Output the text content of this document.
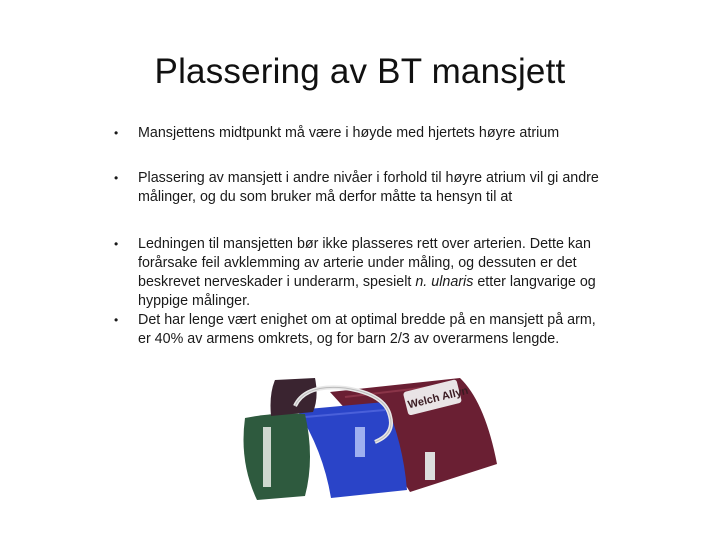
Plassering av BT mansjett
• Mansjettens midtpunkt må være i høyde med hjertets høyre atrium
• Plassering av mansjett i andre nivåer i forhold til høyre atrium vil gi andre målinger, og du som bruker må derfor måtte ta hensyn til at
• Ledningen til mansjetten bør ikke plasseres rett over arterien. Dette kan forårsake feil avklemming av arterie under måling, og dessuten er det beskrevet nerveskader i underarm, spesielt n. ulnaris etter langvarige og hyppige målinger.
• Det har lenge vært enighet om at optimal bredde på en mansjett på arm, er 40% av armens omkrets, og for barn 2/3 av overarmens lengde.
Welch Allyn
